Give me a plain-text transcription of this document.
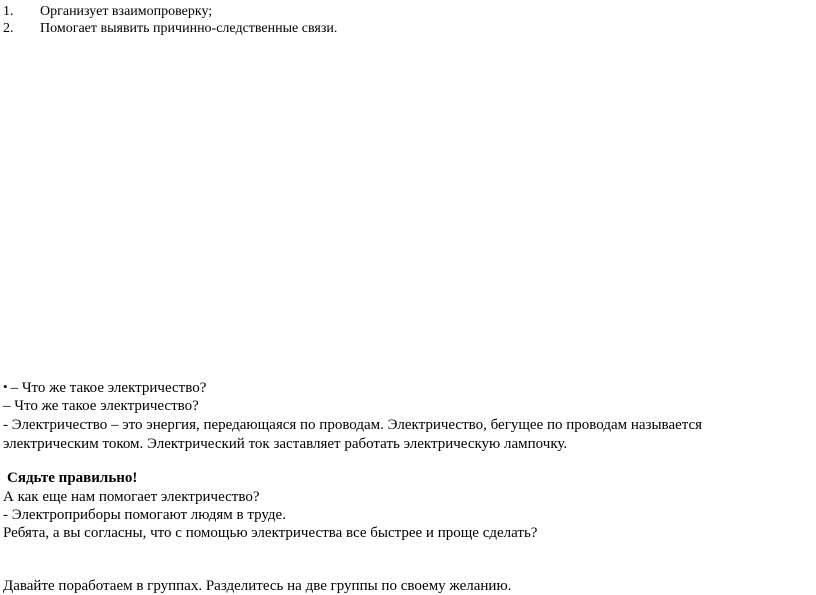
1. Организует взаимопроверку;
2. Помогает выявить причинно-следственные связи.
• – Что же такое электричество?
– Что же такое электричество?
- Электричество – это энергия, передающаяся по проводам. Электричество, бегущее по проводам называется
электрическим током. Электрический ток заставляет работать электрическую лампочку.
Сядьте правильно!
А как еще нам помогает электричество?
- Электроприборы помогают людям в труде.
Ребята, а вы согласны, что с помощью электричества все быстрее и проще сделать?
Давайте поработаем в группах. Разделитесь на две группы по своему желанию.
